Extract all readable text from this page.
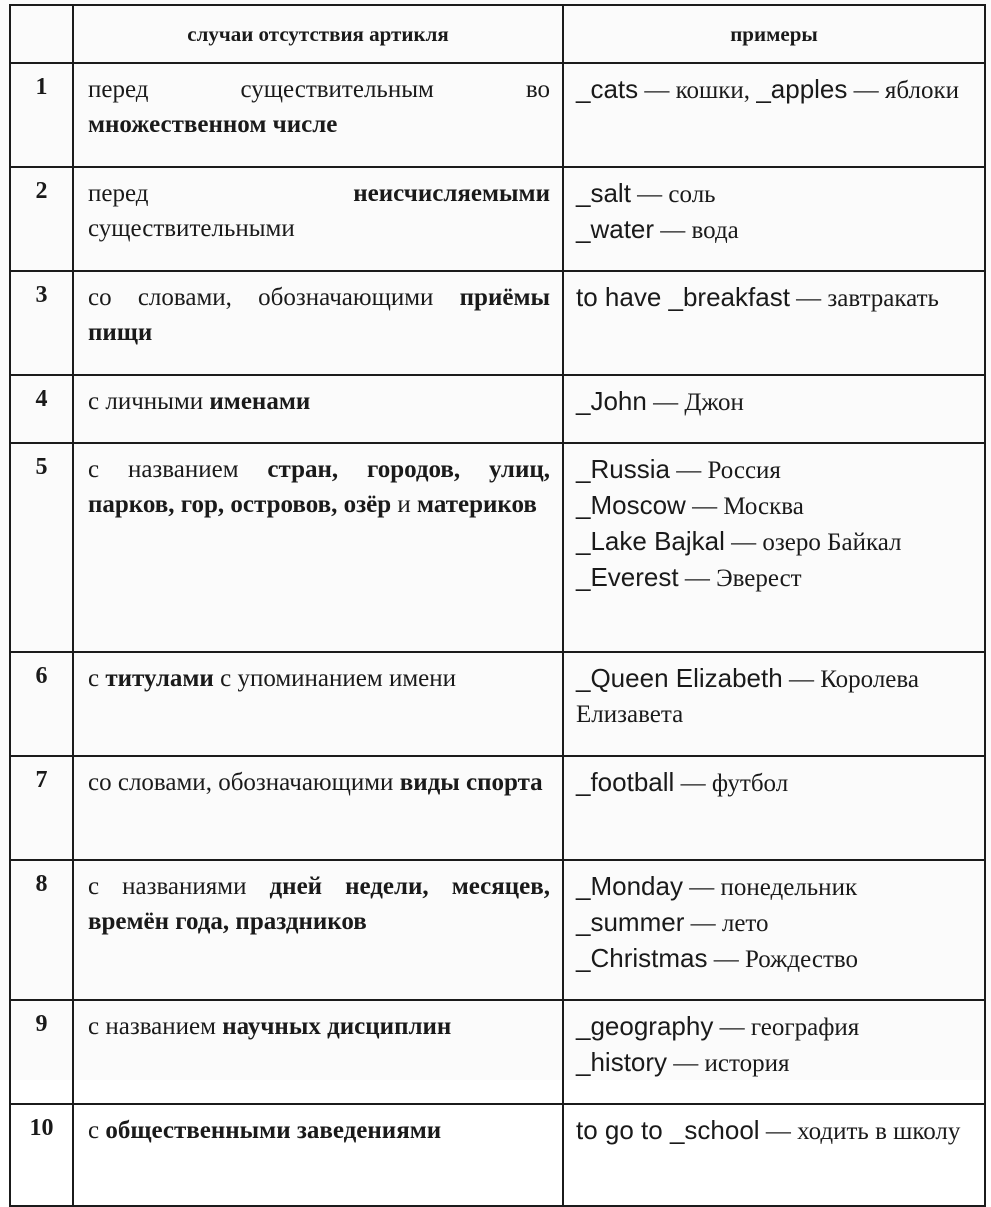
	случаи отсутствия артикля	примеры
1	перед существительным во множественном числе	_cats — кошки, _apples — яблоки

2	перед неисчисляемыми существительными	_salt — соль
_water — вода

3	со словами, обозначающими приёмы пищи	to have _breakfast — завтракать

4	с личными именами	_John — Джон

5	с названием стран, городов, улиц, парков, гор, островов, озёр и материков	_Russia — Россия
_Moscow — Москва
_Lake Bajkal — озеро Байкал
_Everest — Эверест

6	с титулами с упоминанием имени	_Queen Elizabeth — Королева Елизавета

7	со словами, обозначающими виды спорта	_football — футбол

8	с названиями дней недели, месяцев, времён года, праздников	_Monday — понедельник
_summer — лето
_Christmas — Рождество

9	с названием научных дисциплин	_geography — география
_history — история

10	с общественными заведениями	to go to _school — ходить в школу
